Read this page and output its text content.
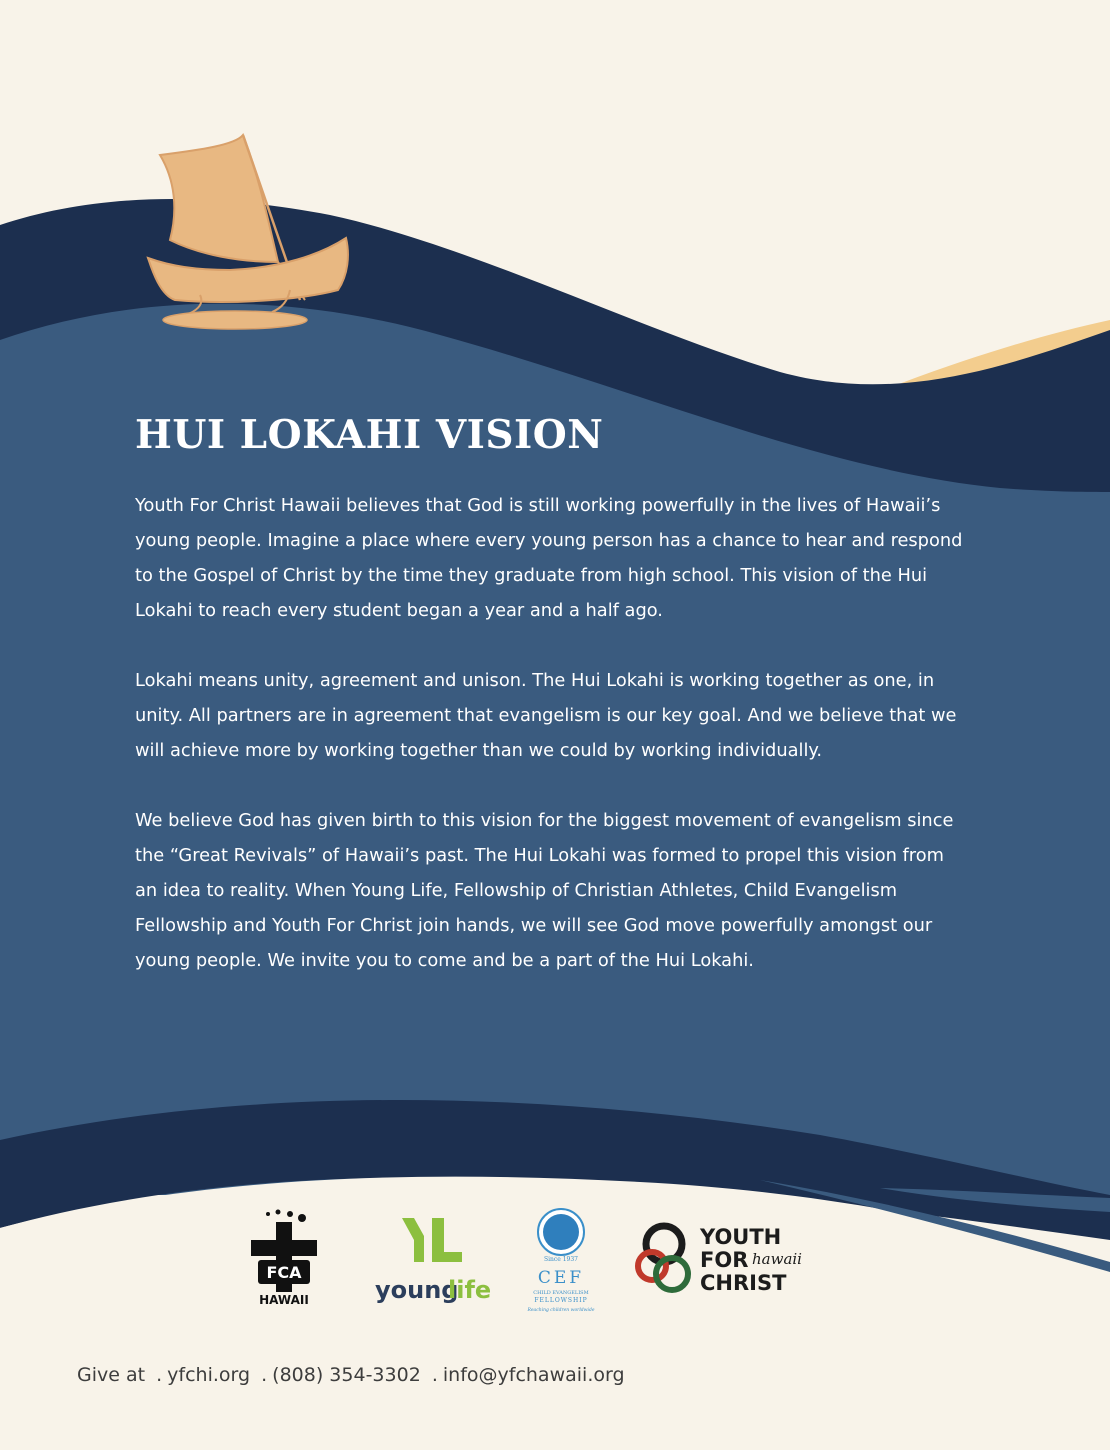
HUI LOKAHI VISION

Youth For Christ Hawaii believes that God is still working powerfully in the lives of Hawaii’s young people. Imagine a place where every young person has a chance to hear and respond to the Gospel of Christ by the time they graduate from high school. This vision of the Hui Lokahi to reach every student began a year and a half ago.

Lokahi means unity, agreement and unison. The Hui Lokahi is working together as one, in unity. All partners are in agreement that evangelism is our key goal. And we believe that we will achieve more by working together than we could by working individually.

We believe God has given birth to this vision for the biggest movement of evangelism since the “Great Revivals” of Hawaii’s past. The Hui Lokahi was formed to propel this vision from an idea to reality. When Young Life, Fellowship of Christian Athletes, Child Evangelism Fellowship and Youth For Christ join hands, we will see God move powerfully amongst our young people. We invite you to come and be a part of the Hui Lokahi.

FCA
HAWAII	young
life
Since 1937
CEF
CHILD EVANGELISM
FELLOWSHIP
Reaching children worldwide
YOUTH
FOR
CHRIST
hawaii
Give at . yfchi.org . (808) 354-3302 . info@yfchawaii.org
